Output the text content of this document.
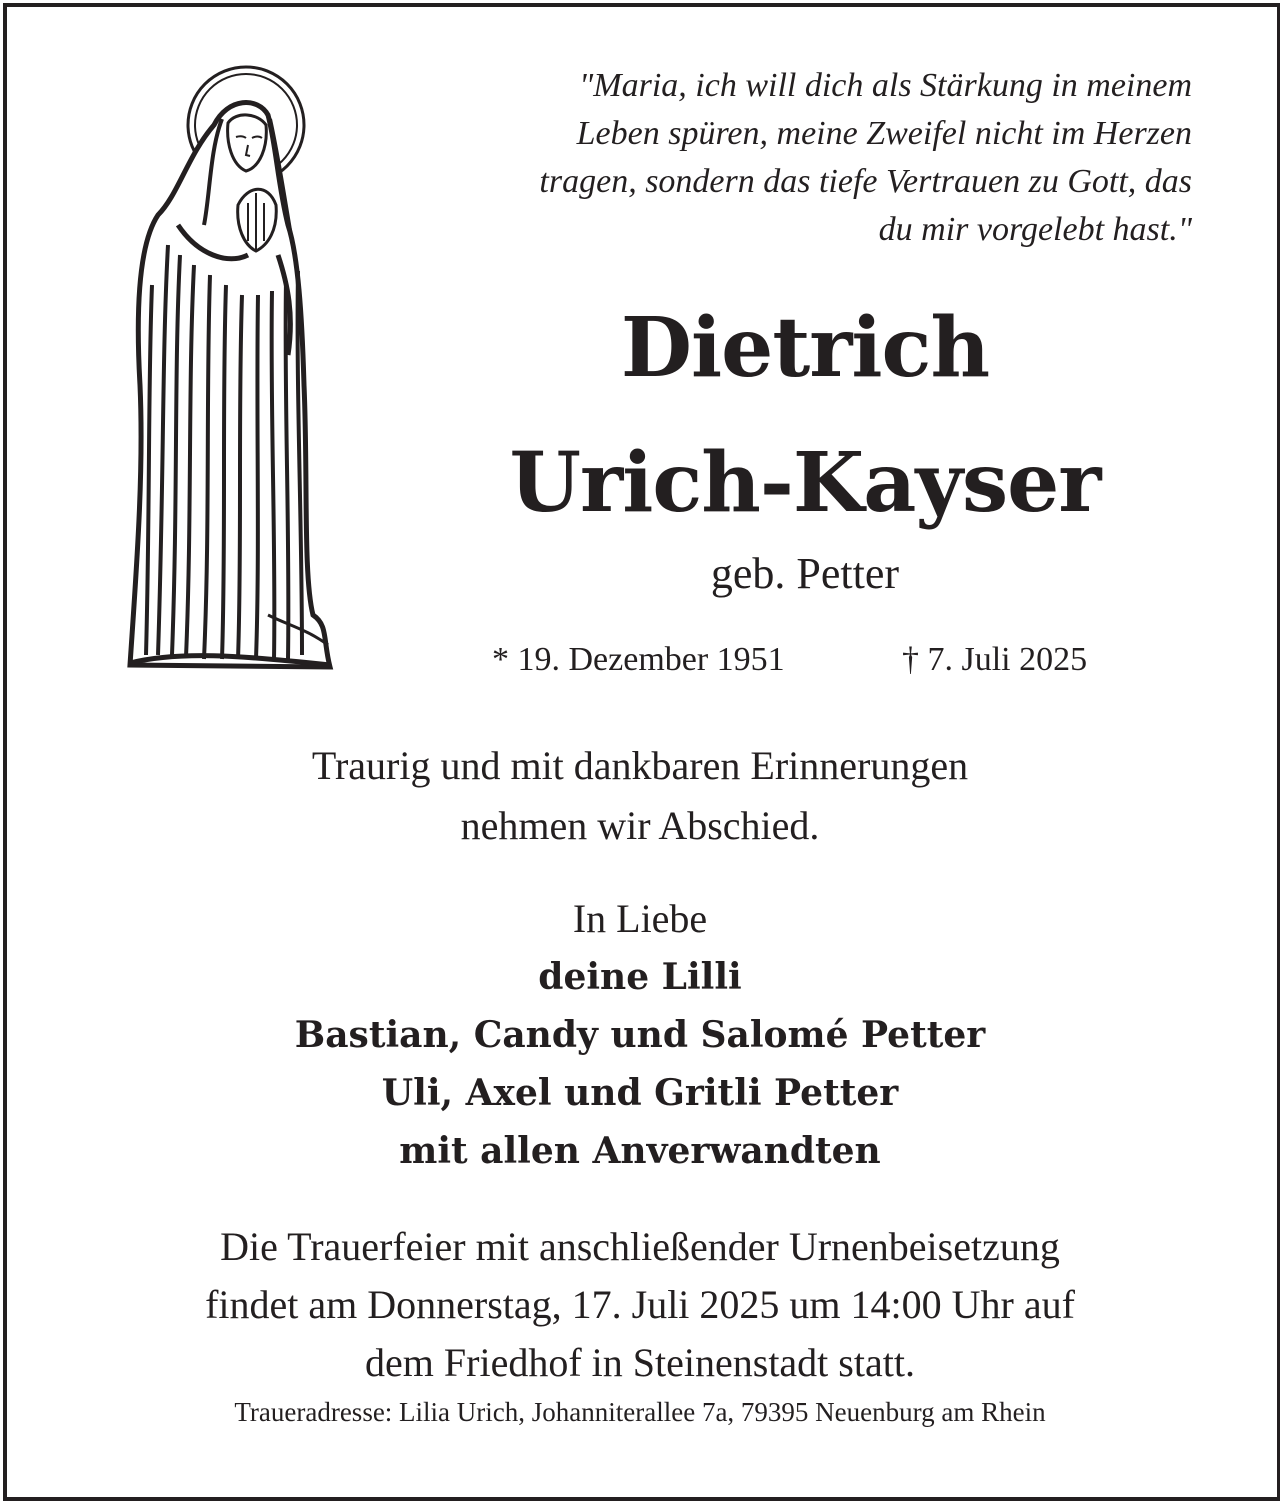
"Maria, ich will dich als Stärkung in meinem
Leben spüren, meine Zweifel nicht im Herzen
tragen, sondern das tiefe Vertrauen zu Gott, das
du mir vorgelebt hast."
Dietrich
Urich-Kayser
geb. Petter
* 19. Dezember 1951	† 7. Juli 2025
Traurig und mit dankbaren Erinnerungen
nehmen wir Abschied.
In Liebe
deine Lilli
Bastian, Candy und Salomé Petter
Uli, Axel und Gritli Petter
mit allen Anverwandten
Die Trauerfeier mit anschließender Urnenbeisetzung
findet am Donnerstag, 17. Juli 2025 um 14:00 Uhr auf
dem Friedhof in Steinenstadt statt.
Traueradresse: Lilia Urich, Johanniterallee 7a, 79395 Neuenburg am Rhein
